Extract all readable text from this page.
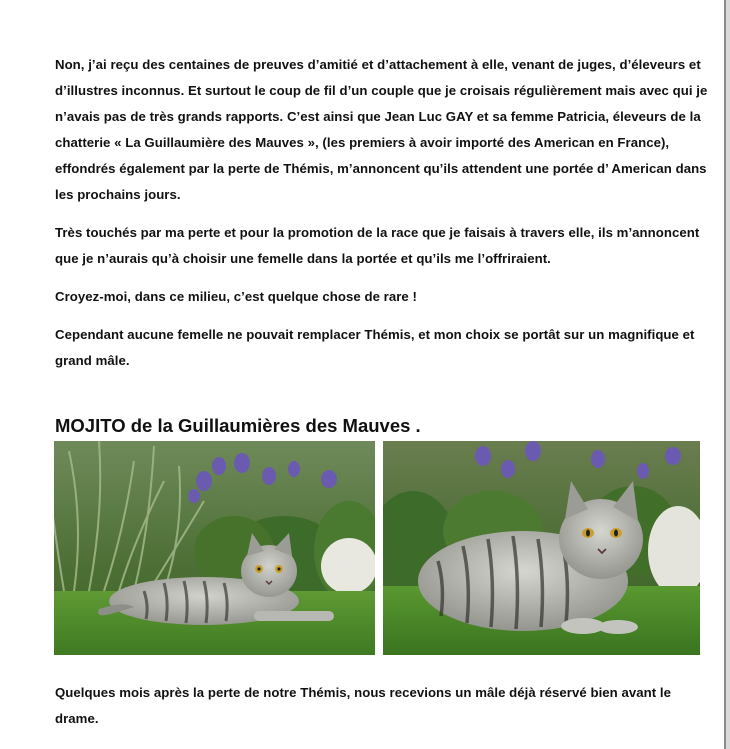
Non, j’ai reçu des centaines de preuves d’amitié et d’attachement à elle, venant de juges, d’éleveurs et d’illustres inconnus. Et surtout le coup de fil d’un couple que je croisais régulièrement mais avec qui je n’avais pas de très grands rapports. C’est ainsi que Jean Luc GAY et sa femme Patricia, éleveurs de la chatterie « La Guillaumière des Mauves », (les premiers à avoir importé des American en France), effondrés également par la perte de Thémis, m’annoncent qu’ils attendent une portée d’ American dans les prochains jours.

Très touchés par ma perte et pour la promotion de la race que je faisais à travers elle, ils m’annoncent que je n’aurais qu’à choisir une femelle dans la portée et qu’ils me l’offriraient.

Croyez-moi, dans ce milieu, c’est quelque chose de rare !

Cependant aucune femelle ne pouvait remplacer Thémis, et mon choix se portât sur un magnifique et grand mâle.

MOJITO de la Guillaumières des Mauves .

Quelques mois après la perte de notre Thémis, nous recevions un mâle déjà réservé bien avant le drame.
